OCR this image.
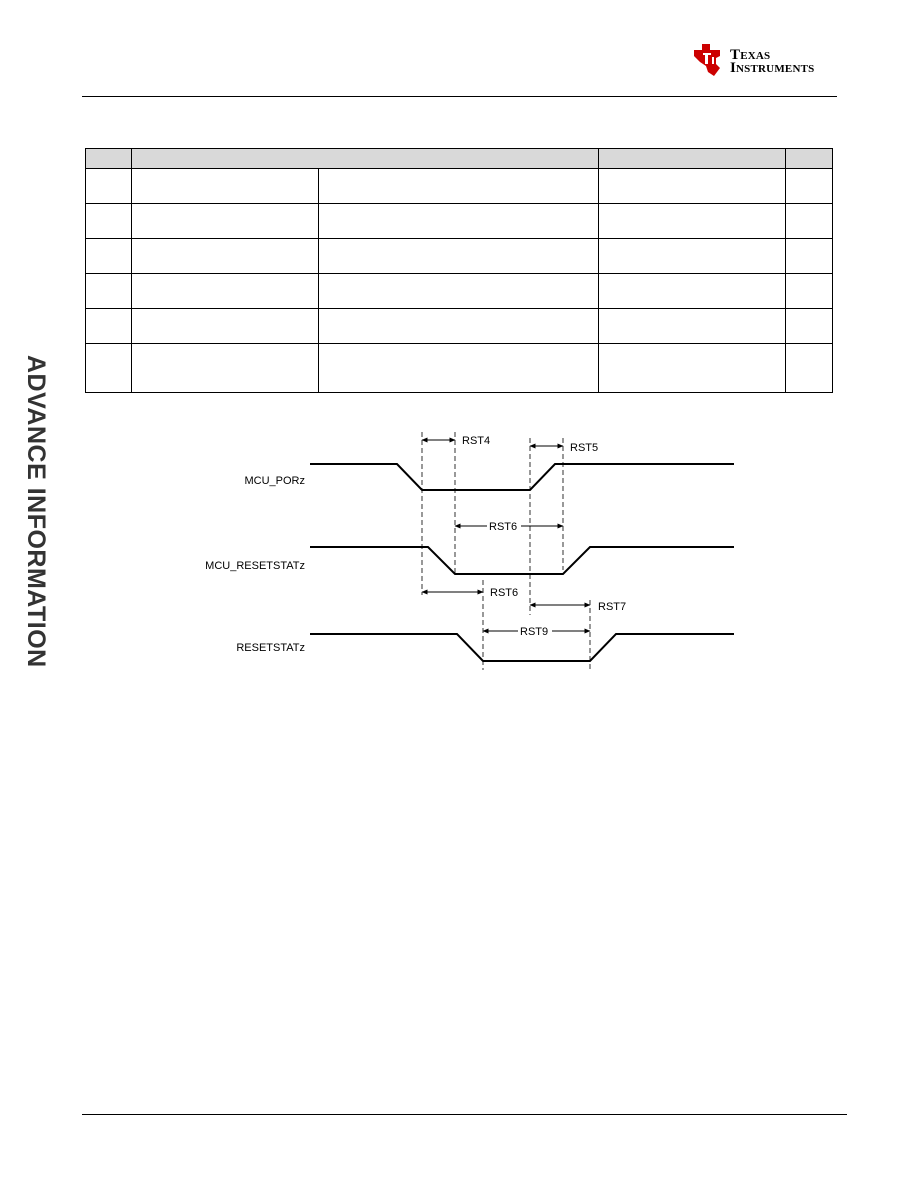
Texas
Instruments
ADVANCE INFORMATION

					RST4
RST5
RST6
RST6
RST7
RST9
MCU_PORz
MCU_RESETSTATz
RESETSTATz
